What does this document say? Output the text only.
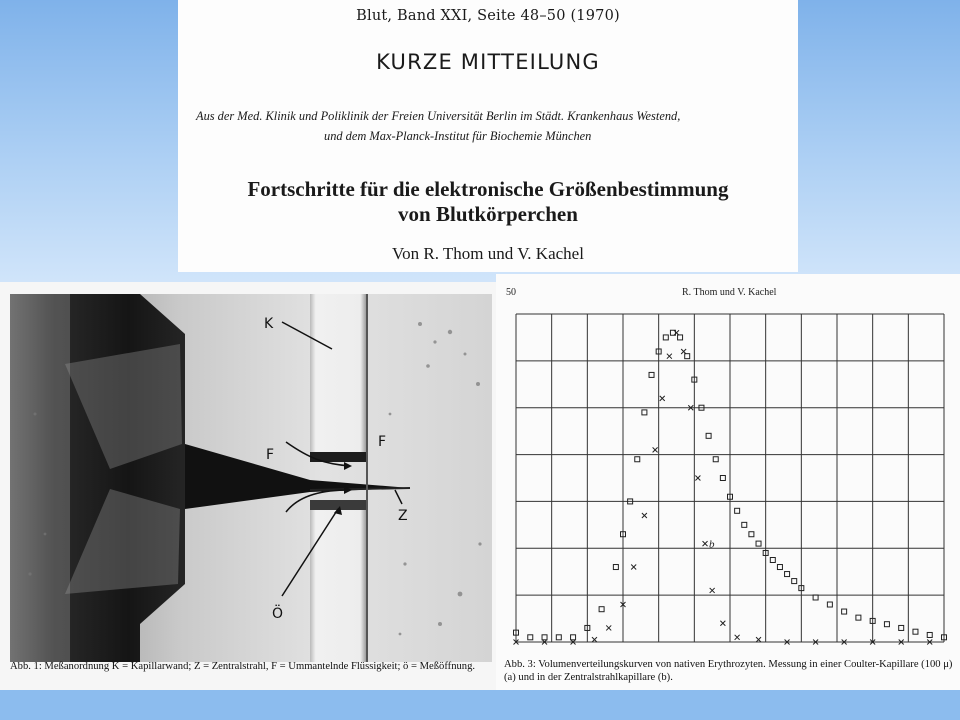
Blut, Band XXI, Seite 48–50 (1970)
KURZE MITTEILUNG
Aus der Med. Klinik und Poliklinik der Freien Universität Berlin im Städt. Krankenhaus Westend,
und dem Max-Planck-Institut für Biochemie München
Fortschritte für die elektronische Größenbestimmung
von Blutkörperchen
Von R. Thom und V. Kachel
K
F
F
Z
Ö
Abb. 1: Meßanordnung K = Kapillarwand; Z = Zentralstrahl, F = Ummantelnde Flüssigkeit; ö = Meßöffnung.
50	R. Thom und V. Kachel
b
Abb. 3: Volumenverteilungskurven von nativen Erythrozyten. Messung in einer Coulter-Kapillare (100 μ) (a) und in der Zentralstrahlkapillare (b).
